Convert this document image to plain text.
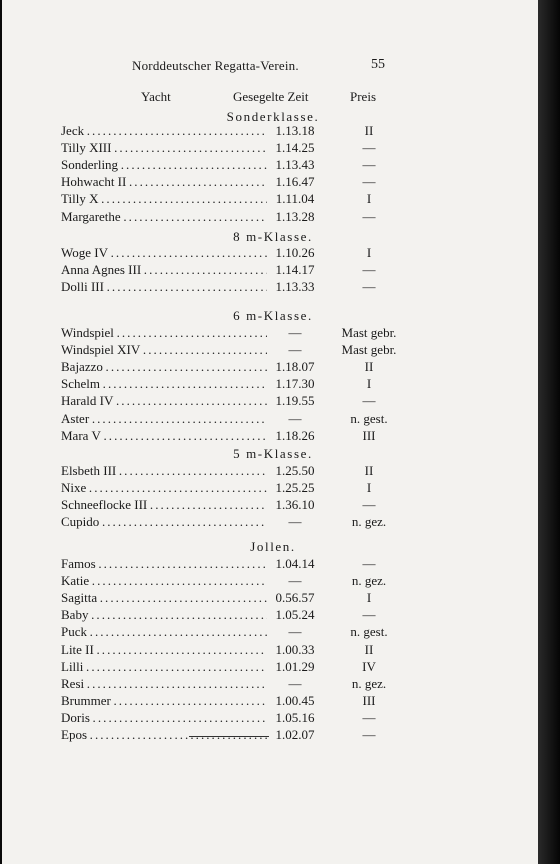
Norddeutscher Regatta-Verein.	55
Yacht	Gesegelte Zeit	Preis
Sonderklasse.
Jeck . . .	1.13.18	II
Tilly XIII . . .	1.14.25	—
Sonderling . . .	1.13.43	—
Hohwacht II . . .	1.16.47	—
Tilly X . . .	1.11.04	I
Margarethe . . .	1.13.28	—
8 m-Klasse.
Woge IV . . .	1.10.26	I
Anna Agnes III . . .	1.14.17	—
Dolli III . . .	1.13.33	—
6 m-Klasse.
Windspiel . . .	—	Mast gebr.
Windspiel XIV . . .	—	Mast gebr.
Bajazzo . . .	1.18.07	II
Schelm . . .	1.17.30	I
Harald IV . . .	1.19.55	—
Aster . . .	—	n. gest.
Mara V . . .	1.18.26	III
5 m-Klasse.
Elsbeth III . . .	1.25.50	II
Nixe . . .	1.25.25	I
Schneeflocke III . . .	1.36.10	—
Cupido . . .	—	n. gez.
Jollen.
Famos . . .	1.04.14	—
Katie . . .	—	n. gez.
Sagitta . . .	0.56.57	I
Baby . . .	1.05.24	—
Puck . . .	—	n. gest.
Lite II . . .	1.00.33	II
Lilli . . .	1.01.29	IV
Resi . . .	—	n. gez.
Brummer . . .	1.00.45	III
Doris . . .	1.05.16	—
Epos . . .	1.02.07	—
